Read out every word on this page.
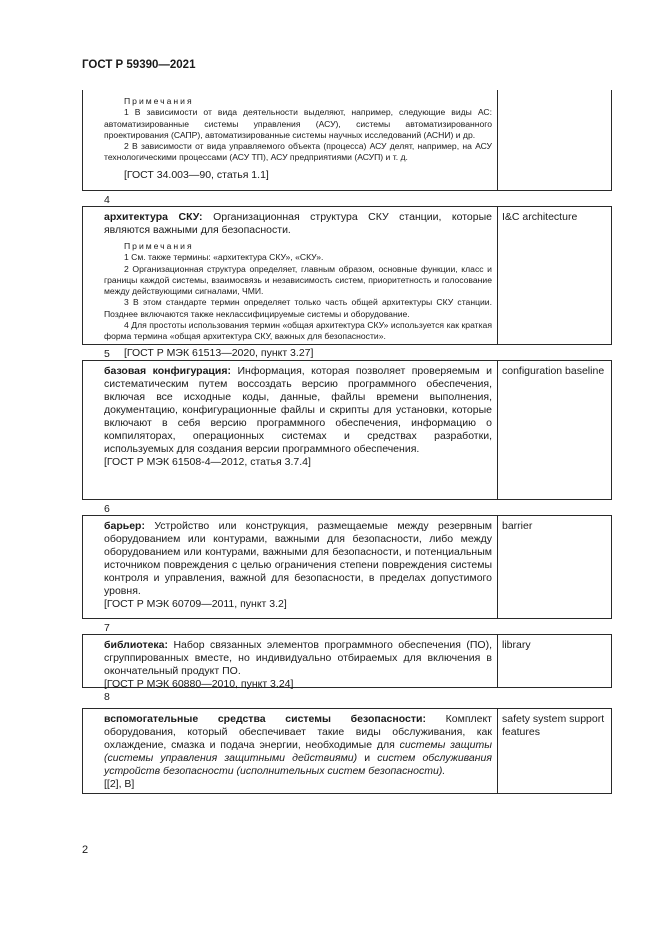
ГОСТ Р 59390—2021
Примечания
1 В зависимости от вида деятельности выделяют, например, следующие виды АС: автоматизированные системы управления (АСУ), системы автоматизированного проектирования (САПР), автоматизированные системы научных исследований (АСНИ) и др.
2 В зависимости от вида управляемого объекта (процесса) АСУ делят, например, на АСУ технологическими процессами (АСУ ТП), АСУ предприятиями (АСУП) и т. д.
[ГОСТ 34.003—90, статья 1.1]
4
архитектура СКУ: Организационная структура СКУ станции, которые являются важными для безопасности.
Примечания
1 См. также термины: «архитектура СКУ», «СКУ».
2 Организационная структура определяет, главным образом, основные функции, класс и границы каждой системы, взаимосвязь и независимость систем, приоритетность и голосование между действующими сигналами, ЧМИ.
3 В этом стандарте термин определяет только часть общей архитектуры СКУ станции. Позднее включаются также некласcифицируемые системы и оборудование.
4 Для простоты использования термин «общая архитектура СКУ» используется как краткая форма термина «общая архитектура СКУ, важных для безопасности».
[ГОСТ Р МЭК 61513—2020, пункт 3.27]
I&C architecture
5
базовая конфигурация: Информация, которая позволяет проверяемым и систематическим путем воссоздать версию программного обеспечения, включая все исходные коды, данные, файлы времени выполнения, документацию, конфигурационные файлы и скрипты для установки, которые включают в себя версию программного обеспечения, информацию о компиляторах, операционных системах и средствах разработки, используемых для создания версии программного обеспечения.
[ГОСТ Р МЭК 61508-4—2012, статья 3.7.4]
configuration baseline
6
барьер: Устройство или конструкция, размещаемые между резервным оборудованием или контурами, важными для безопасности, либо между оборудованием или контурами, важными для безопасности, и потенциальным источником повреждения с целью ограничения степени повреждения системы контроля и управления, важной для безопасности, в пределах допустимого уровня.
[ГОСТ Р МЭК 60709—2011, пункт 3.2]
barrier
7
библиотека: Набор связанных элементов программного обеспечения (ПО), сгруппированных вместе, но индивидуально отбираемых для включения в окончательный продукт ПО.
[ГОСТ Р МЭК 60880—2010, пункт 3.24]
library
8
вспомогательные средства системы безопасности: Комплект оборудования, который обеспечивает такие виды обслуживания, как охлаждение, смазка и подача энергии, необходимые для системы защиты (системы управления защитными действиями) и систем обслуживания устройств безопасности (исполнительных систем безопасности).
[[2], B]
safety system support features
2
